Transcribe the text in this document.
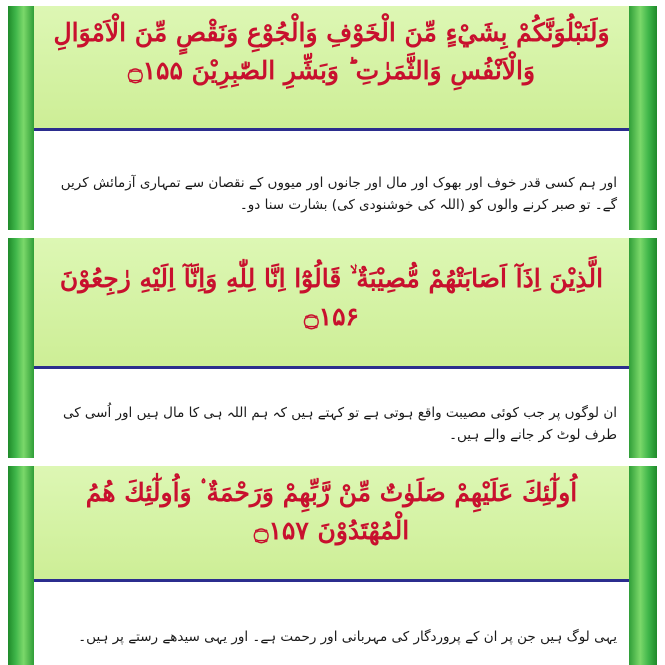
وَلَنَبْلُوَنَّكُمْ بِشَيْءٍ مِّنَ الْخَوْفِ وَالْجُوْعِ وَنَقْصٍ مِّنَ الْاَمْوَالِ وَالْاَنْفُسِ وَالثَّمَرٰتِ ؕ وَبَشِّرِ الصّٰبِرِيْنَ ۝۱۵۵
اور ہم کسی قدر خوف اور بھوک اور مال اور جانوں اور میووں کے نقصان سے تمہاری آزمائش کریں گے۔ تو صبر کرنے والوں کو (اللہ کی خوشنودی کی) بشارت سنا دو۔
الَّذِيْنَ اِذَآ اَصَابَتْهُمْ مُّصِيْبَةٌ ۙ قَالُوْٓا اِنَّا لِلّٰهِ وَاِنَّآ اِلَيْهِ رٰجِعُوْنَ ۝۱۵۶
ان لوگوں پر جب کوئی مصیبت واقع ہوتی ہے تو کہتے ہیں کہ ہم اللہ ہی کا مال ہیں اور اُسی کی طرف لوٹ کر جانے والے ہیں۔
اُولٰٓئِكَ عَلَيْهِمْ صَلَوٰتٌ مِّنْ رَّبِّهِمْ وَرَحْمَةٌ ۟ وَاُولٰٓئِكَ هُمُ الْمُهْتَدُوْنَ ۝۱۵۷
یہی لوگ ہیں جن پر ان کے پروردگار کی مہربانی اور رحمت ہے۔ اور یہی سیدھے رستے پر ہیں۔
